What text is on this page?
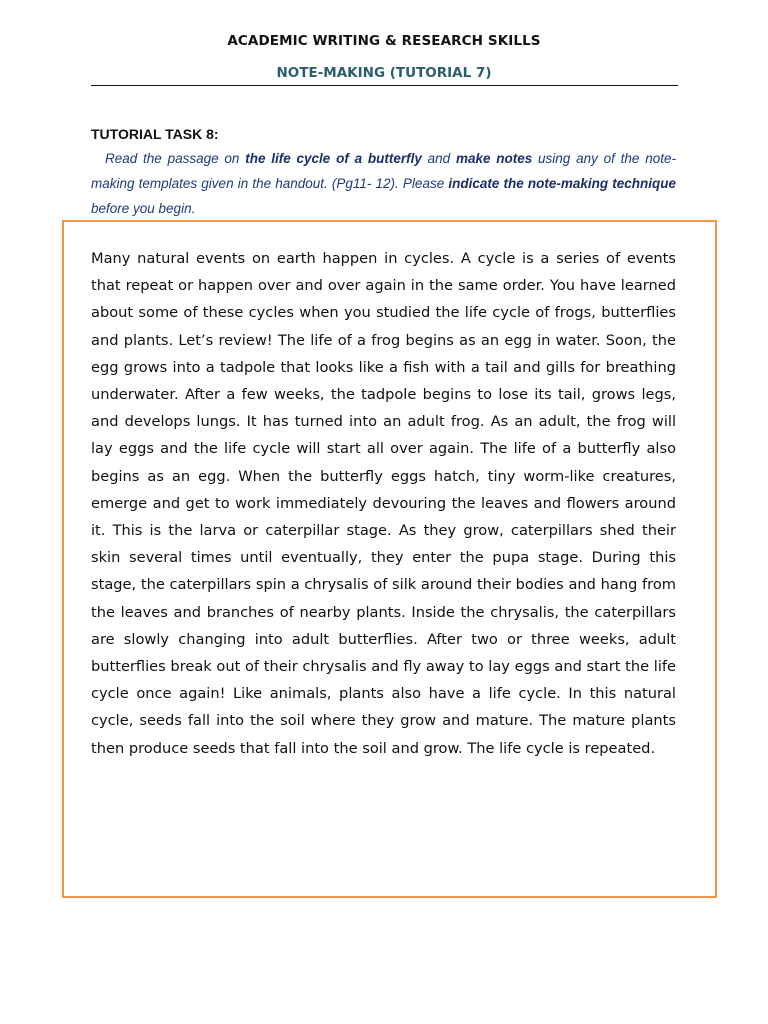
ACADEMIC WRITING & RESEARCH SKILLS
NOTE-MAKING (TUTORIAL 7)
TUTORIAL TASK 8:
Read the passage on the life cycle of a butterfly and make notes using any of the note-making templates given in the handout. (Pg11- 12). Please indicate the note-making technique before you begin.

Many natural events on earth happen in cycles. A cycle is a series of events that repeat or happen over and over again in the same order. You have learned about some of these cycles when you studied the life cycle of frogs, butterflies and plants. Let’s review! The life of a frog begins as an egg in water. Soon, the egg grows into a tadpole that looks like a fish with a tail and gills for breathing underwater. After a few weeks, the tadpole begins to lose its tail, grows legs, and develops lungs. It has turned into an adult frog. As an adult, the frog will lay eggs and the life cycle will start all over again. The life of a butterfly also begins as an egg. When the butterfly eggs hatch, tiny worm-like creatures, emerge and get to work immediately devouring the leaves and flowers around it. This is the larva or caterpillar stage. As they grow, caterpillars shed their skin several times until eventually, they enter the pupa stage. During this stage, the caterpillars spin a chrysalis of silk around their bodies and hang from the leaves and branches of nearby plants. Inside the chrysalis, the caterpillars are slowly changing into adult butterflies. After two or three weeks, adult butterflies break out of their chrysalis and fly away to lay eggs and start the life cycle once again! Like animals, plants also have a life cycle. In this natural cycle, seeds fall into the soil where they grow and mature. The mature plants then produce seeds that fall into the soil and grow. The life cycle is repeated.
